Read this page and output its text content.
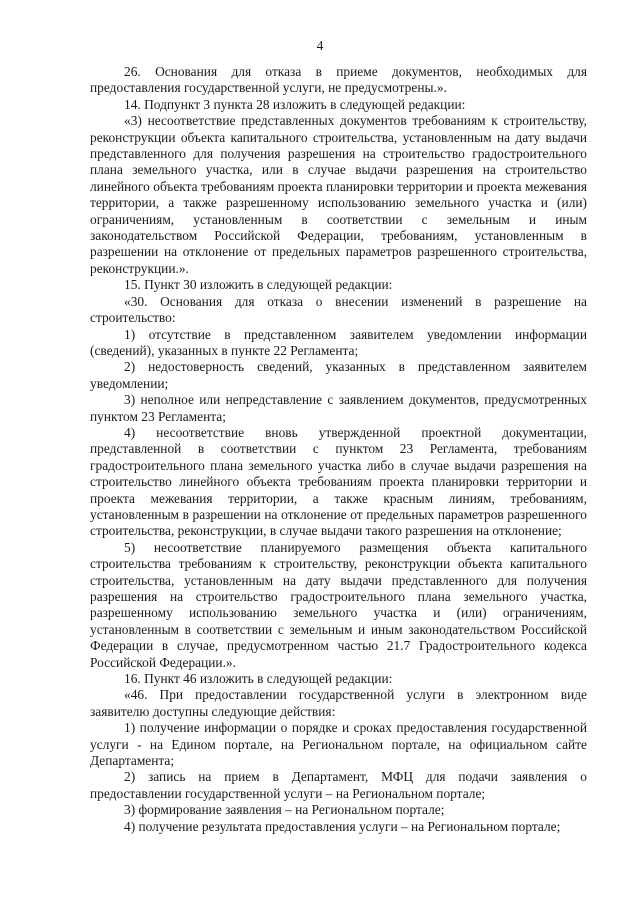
4

26. Основания для отказа в приеме документов, необходимых для предоставления государственной услуги, не предусмотрены.».

14. Подпункт 3 пункта 28 изложить в следующей редакции:

«3) несоответствие представленных документов требованиям к строительству, реконструкции объекта капитального строительства, установленным на дату выдачи представленного для получения разрешения на строительство градостроительного плана земельного участка, или в случае выдачи разрешения на строительство линейного объекта требованиям проекта планировки территории и проекта межевания территории, а также разрешенному использованию земельного участка и (или) ограничениям, установленным в соответствии с земельным и иным законодательством Российской Федерации, требованиям, установленным в разрешении на отклонение от предельных параметров разрешенного строительства, реконструкции.».

15. Пункт 30 изложить в следующей редакции:

«30. Основания для отказа о внесении изменений в разрешение на строительство:

1) отсутствие в представленном заявителем уведомлении информации (сведений), указанных в пункте 22 Регламента;

2) недостоверность сведений, указанных в представленном заявителем уведомлении;

3) неполное или непредставление с заявлением документов, предусмотренных пунктом 23 Регламента;

4) несоответствие вновь утвержденной проектной документации, представленной в соответствии с пунктом 23 Регламента, требованиям градостроительного плана земельного участка либо в случае выдачи разрешения на строительство линейного объекта требованиям проекта планировки территории и проекта межевания территории, а также красным линиям, требованиям, установленным в разрешении на отклонение от предельных параметров разрешенного строительства, реконструкции, в случае выдачи такого разрешения на отклонение;

5) несоответствие планируемого размещения объекта капитального строительства требованиям к строительству, реконструкции объекта капитального строительства, установленным на дату выдачи представленного для получения разрешения на строительство градостроительного плана земельного участка, разрешенному использованию земельного участка и (или) ограничениям, установленным в соответствии с земельным и иным законодательством Российской Федерации в случае, предусмотренном частью 21.7 Градостроительного кодекса Российской Федерации.».

16. Пункт 46 изложить в следующей редакции:

«46. При предоставлении государственной услуги в электронном виде заявителю доступны следующие действия:

1) получение информации о порядке и сроках предоставления государственной услуги - на Едином портале, на Региональном портале, на официальном сайте Департамента;

2) запись на прием в Департамент, МФЦ для подачи заявления о предоставлении государственной услуги – на Региональном портале;

3) формирование заявления – на Региональном портале;

4) получение результата предоставления услуги – на Региональном портале;
